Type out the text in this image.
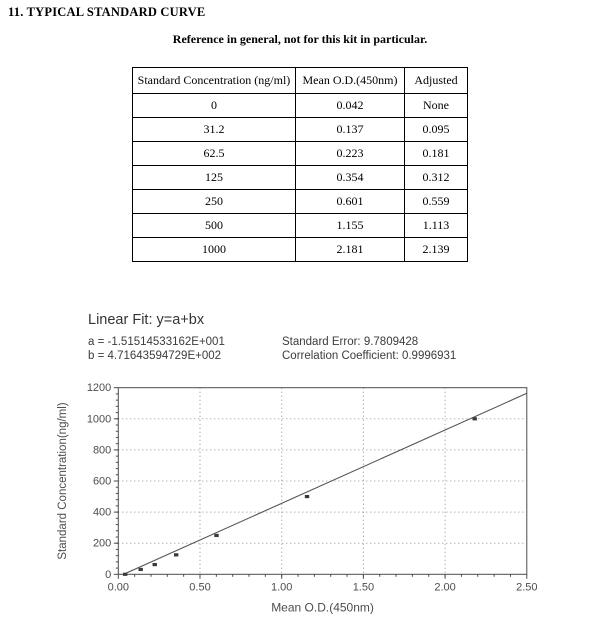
11. TYPICAL STANDARD CURVE
Reference in general, not for this kit in particular.
Standard Concentration (ng/ml)	Mean O.D.(450nm)	Adjusted
0	0.042	None
31.2	0.137	0.095
62.5	0.223	0.181
125	0.354	0.312
250	0.601	0.559
500	1.155	1.113
1000	2.181	2.139
Linear Fit: y=a+bx
a = -1.51514533162E+001	Standard Error: 9.7809428
b = 4.71643594729E+002	Correlation Coefficient: 0.9996931
0.00	0.50	1.00	1.50	2.00	2.50
0
200
400
600
800
1000
1200
Mean O.D.(450nm)
Standard Concentration(ng/ml)
